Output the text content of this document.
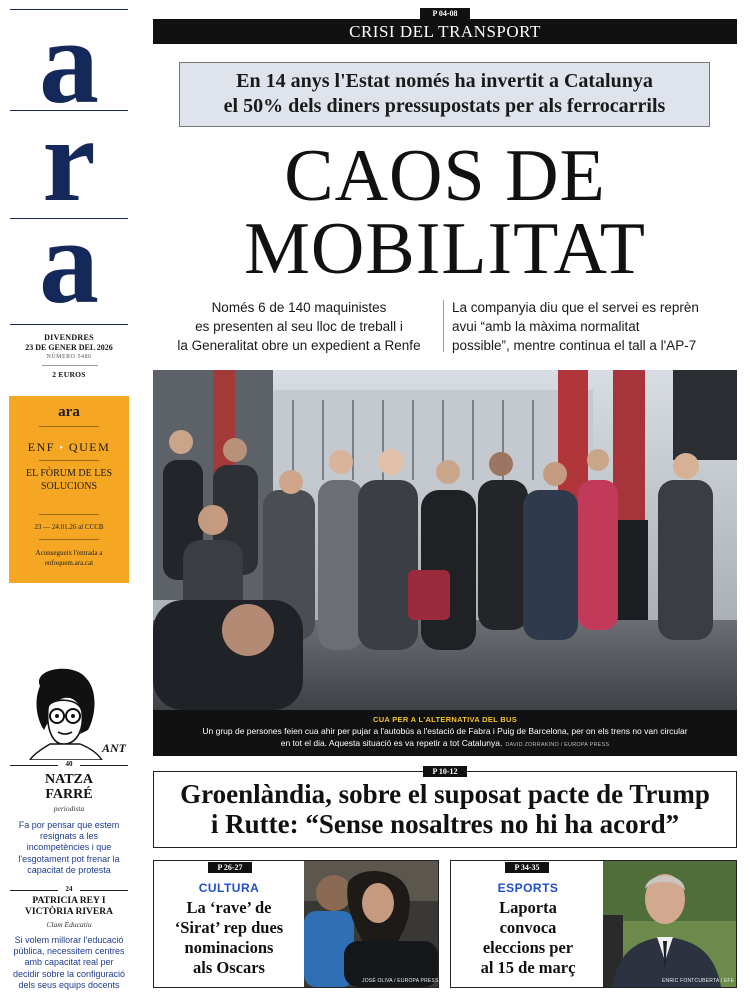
a
r
a
DIVENDRES
23 DE GENER DEL 2026
NÚMERO 5486
2 EUROS
ara
ENF • QUEM
EL FÒRUM DE LES SOLUCIONS
23 — 24.01.26 al CCCB
Aconsegueix l'entrada a enfoquem.ara.cat
ANT
40
NATZA FARRÉ
periodista
Fa por pensar que estem resignats a les incompetències i que l'esgotament pot frenar la capacitat de protesta
24
PATRICIA REY I VICTÒRIA RIVERA
Clam Educatiu
Si volem millorar l'educació pública, necessitem centres amb capacitat real per decidir sobre la configuració dels seus equips docents
P 04-08
CRISI DEL TRANSPORT
En 14 anys l'Estat només ha invertit a Catalunya
el 50% dels diners pressupostats per als ferrocarrils
CAOS DE
MOBILITAT
Només 6 de 140 maquinistes
es presenten al seu lloc de treball i
la Generalitat obre un expedient a Renfe
La companyia diu que el servei es reprèn
avui “amb la màxima normalitat
possible”, mentre continua el tall a l'AP-7
CUA PER A L'ALTERNATIVA DEL BUS
Un grup de persones feien cua ahir per pujar a l'autobús a l'estació de Fabra i Puig de Barcelona, per on els trens no van circular
en tot el dia. Aquesta situació es va repetir a tot Catalunya. DAVID ZORRAKINO / EUROPA PRESS
P 10-12
Groenlàndia, sobre el suposat pacte de Trump
i Rutte: “Sense nosaltres no hi ha acord”
P 26-27
CULTURA
La ‘rave’ de
‘Sirat’ rep dues
nominacions
als Oscars
JOSÉ OLIVA / EUROPA PRESS
P 34-35
ESPORTS
Laporta
convoca
eleccions per
al 15 de març
ENRIC FONTCUBERTA / EFE
